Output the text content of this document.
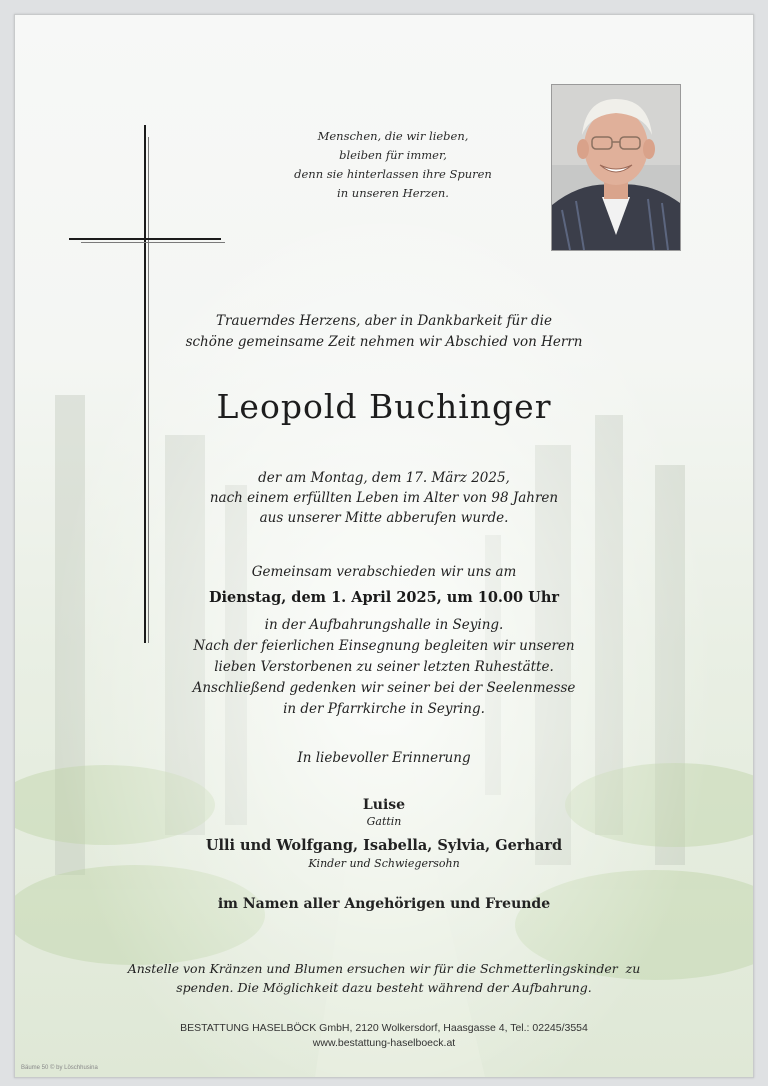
Menschen, die wir lieben,
bleiben für immer,
denn sie hinterlassen ihre Spuren
in unseren Herzen.
Trauerndes Herzens, aber in Dankbarkeit für die
schöne gemeinsame Zeit nehmen wir Abschied von Herrn
Leopold Buchinger
der am Montag, dem 17. März 2025,
nach einem erfüllten Leben im Alter von 98 Jahren
aus unserer Mitte abberufen wurde.
Gemeinsam verabschieden wir uns am
Dienstag, dem 1. April 2025, um 10.00 Uhr
in der Aufbahrungshalle in Seying.
Nach der feierlichen Einsegnung begleiten wir unseren
lieben Verstorbenen zu seiner letzten Ruhestätte.
Anschließend gedenken wir seiner bei der Seelenmesse
in der Pfarrkirche in Seyring.
In liebevoller Erinnerung
Luise
Gattin
Ulli und Wolfgang, Isabella, Sylvia, Gerhard
Kinder und Schwiegersohn
im Namen aller Angehörigen und Freunde
Anstelle von Kränzen und Blumen ersuchen wir für die Schmetterlingskinder  zu
spenden. Die Möglichkeit dazu besteht während der Aufbahrung.
BESTATTUNG HASELBÖCK GmbH, 2120 Wolkersdorf, Haasgasse 4, Tel.: 02245/3554
www.bestattung-haselboeck.at
Bäume 50 © by Löschhusina
